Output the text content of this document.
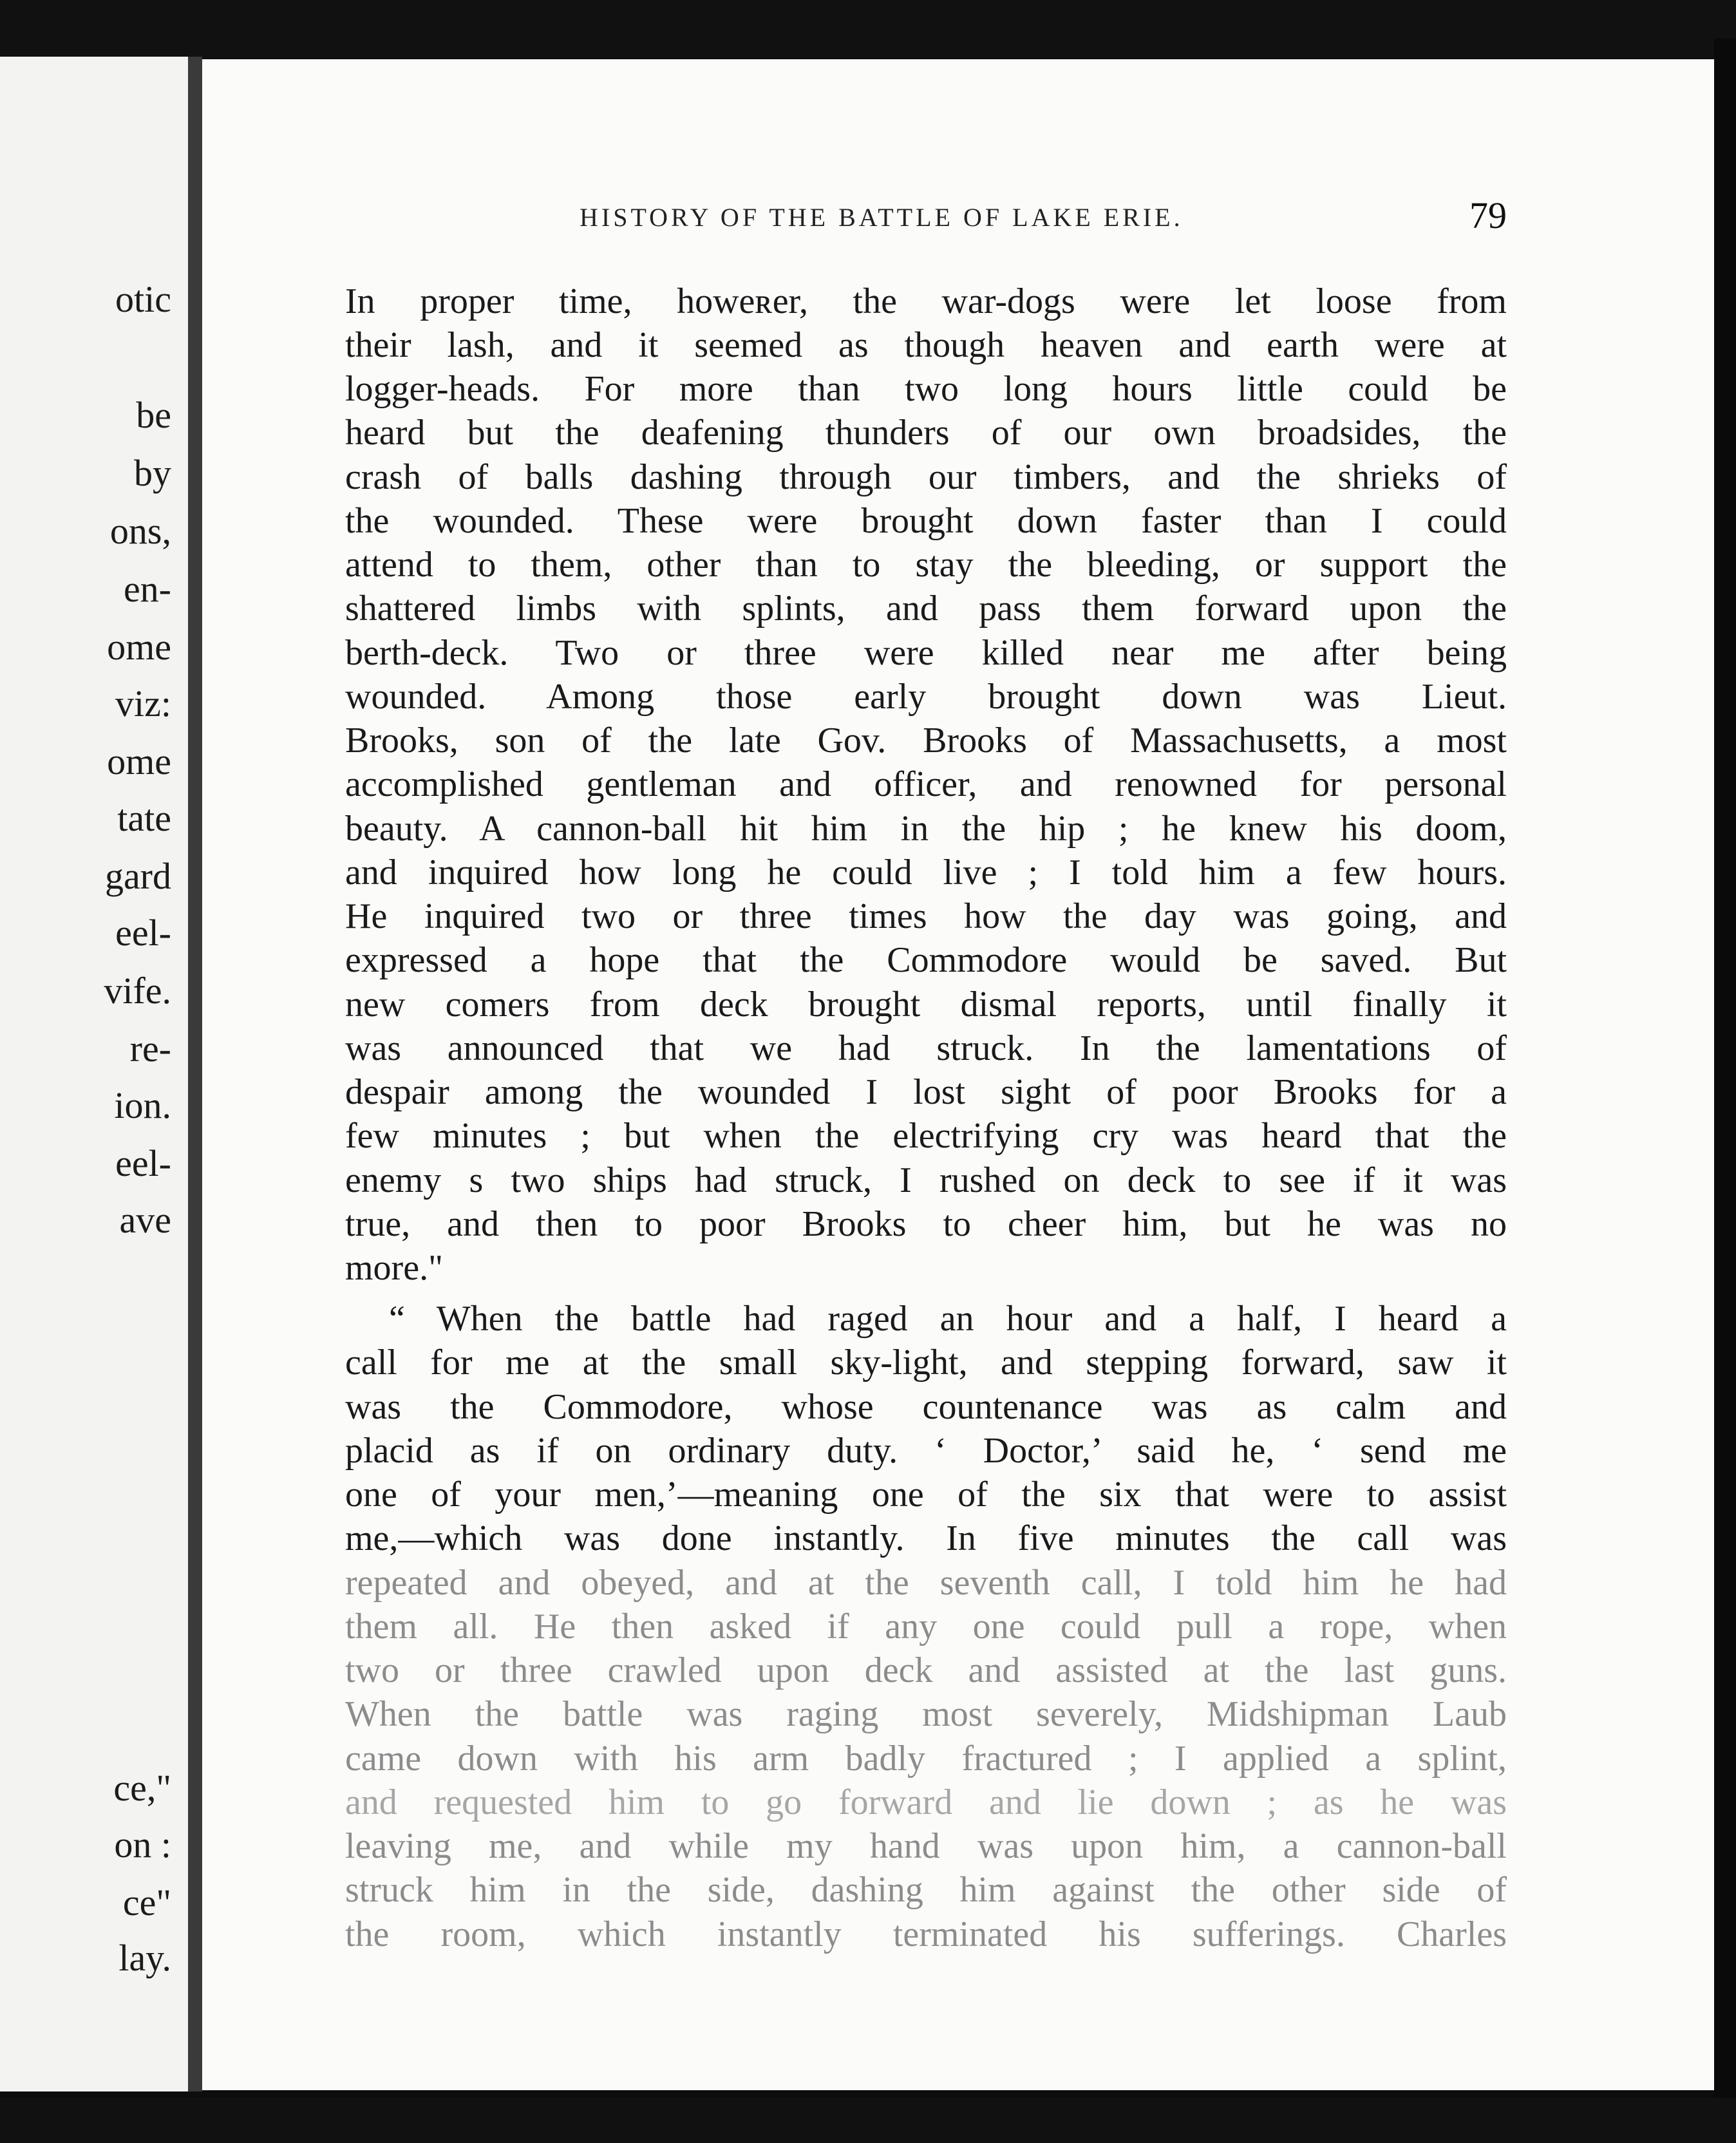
otic
be
by
ons,
en-
ome
viz:
ome
tate
gard
eel-
vife.
re-
ion.
eel-
ave
ce,"
on :
ce"
lay.
HISTORY OF THE BATTLE OF LAKE ERIE.	79
In proper time, howeʀer, the war-dogs were let loose from
their lash, and it seemed as though heaven and earth were at
logger-heads. For more than two long hours little could be
heard but the deafening thunders of our own broadsides, the
crash of balls dashing through our timbers, and the shrieks of
the wounded. These were brought down faster than I could
attend to them, other than to stay the bleeding, or support the
shattered limbs with splints, and pass them forward upon the
berth-deck. Two or three were killed near me after being
wounded. Among those early brought down was Lieut.
Brooks, son of the late Gov. Brooks of Massachusetts, a most
accomplished gentleman and officer, and renowned for personal
beauty. A cannon-ball hit him in the hip ; he knew his doom,
and inquired how long he could live ; I told him a few hours.
He inquired two or three times how the day was going, and
expressed a hope that the Commodore would be saved. But
new comers from deck brought dismal reports, until finally it
was announced that we had struck. In the lamentations of
despair among the wounded I lost sight of poor Brooks for a
few minutes ; but when the electrifying cry was heard that the
enemy s two ships had struck, I rushed on deck to see if it was
true, and then to poor Brooks to cheer him, but he was no
more."
“ When the battle had raged an hour and a half, I heard a
call for me at the small sky-light, and stepping forward, saw it
was the Commodore, whose countenance was as calm and
placid as if on ordinary duty. ‘ Doctor,’ said he, ‘ send me
one of your men,’—meaning one of the six that were to assist
me,—which was done instantly. In five minutes the call was
repeated and obeyed, and at the seventh call, I told him he had
them all. He then asked if any one could pull a rope, when
two or three crawled upon deck and assisted at the last guns.
When the battle was raging most severely, Midshipman Laub
came down with his arm badly fractured ; I applied a splint,
and requested him to go forward and lie down ; as he was
leaving me, and while my hand was upon him, a cannon-ball
struck him in the side, dashing him against the other side of
the room, which instantly terminated his sufferings. Charles
